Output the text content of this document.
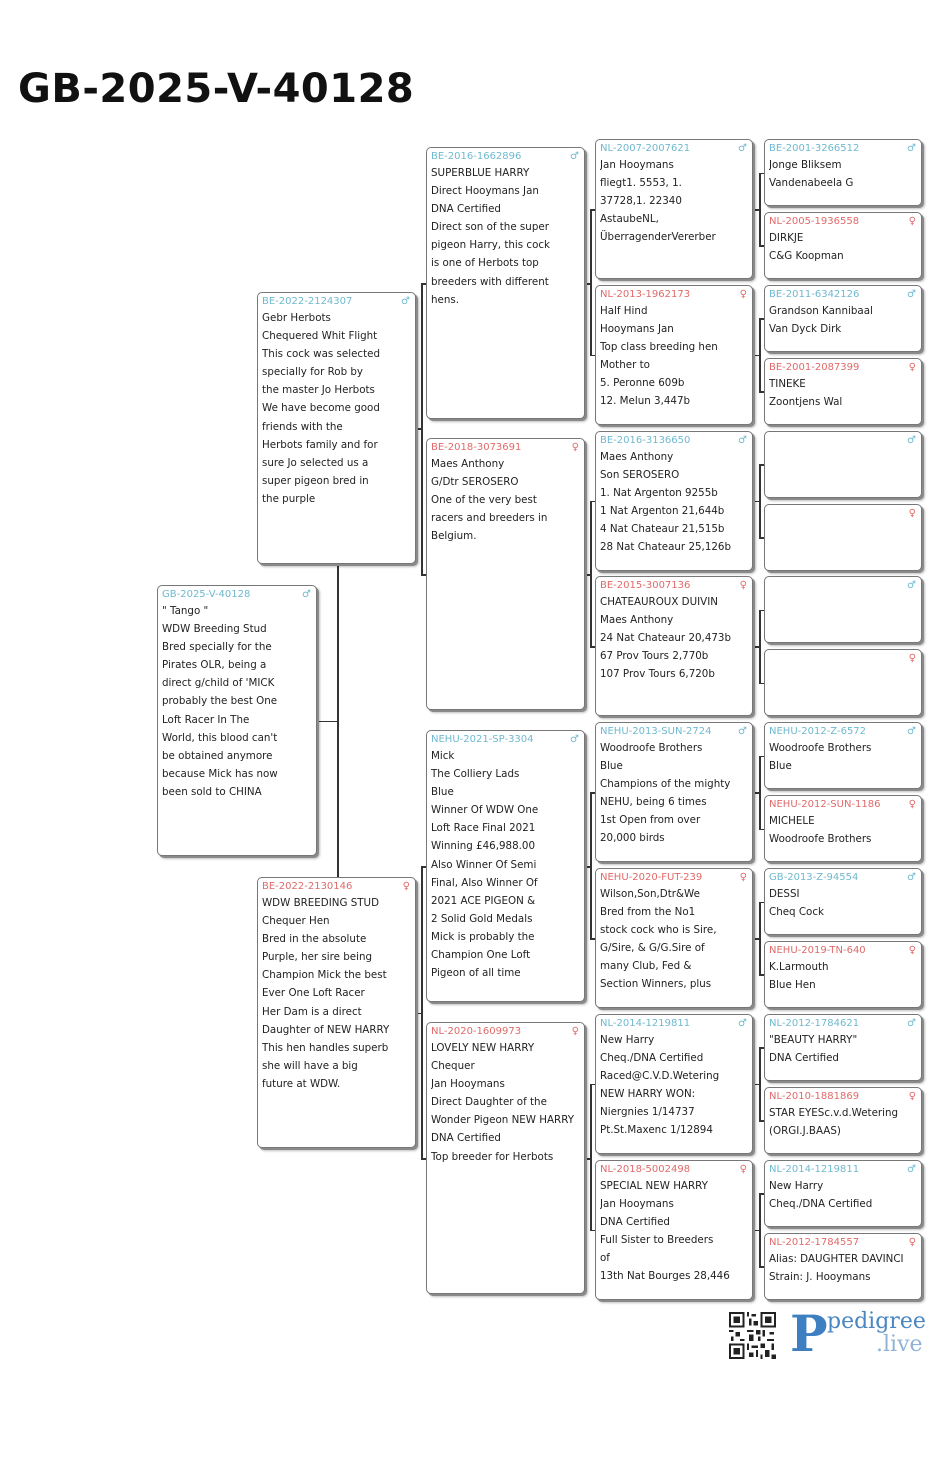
GB-2025-V-40128
GB-2025-V-40128	♂
" Tango "
WDW Breeding Stud
Bred specially for the
Pirates OLR, being a
direct g/child of 'MICK
probably the best One
Loft Racer In The
World, this blood can't
be obtained anymore
because Mick has now
been sold to CHINA
BE-2022-2124307	♂
Gebr Herbots
Chequered Whit Flight
This cock was selected
specially for Rob by
the master Jo Herbots
We have become good
friends with the
Herbots family and for
sure Jo selected us a
super pigeon bred in
the purple
BE-2022-2130146	♀
WDW BREEDING STUD
Chequer Hen
Bred in the absolute
Purple, her sire being
Champion Mick the best
Ever One Loft Racer
Her Dam is a direct
Daughter of NEW HARRY
This hen handles superb
she will have a big
future at WDW.
BE-2016-1662896	♂
SUPERBLUE HARRY
Direct Hooymans Jan
DNA Certified
Direct son of the super
pigeon Harry, this cock
is one of Herbots top
breeders with different
hens.
BE-2018-3073691	♀
Maes Anthony
G/Dtr SEROSERO
One of the very best
racers and breeders in
Belgium.
NEHU-2021-SP-3304	♂
Mick
The Colliery Lads
Blue
Winner Of WDW One
Loft Race Final 2021
Winning £46,988.00
Also Winner Of Semi
Final, Also Winner Of
2021 ACE PIGEON &
2 Solid Gold Medals
Mick is probably the
Champion One Loft
Pigeon of all time
NL-2020-1609973	♀
LOVELY NEW HARRY
Chequer
Jan Hooymans
Direct Daughter of the
Wonder Pigeon NEW HARRY
DNA Certified
Top breeder for Herbots
NL-2007-2007621	♂
Jan Hooymans
fliegt1. 5553, 1.
37728,1. 22340
AstaubeNL,
ÜberragenderVererber
NL-2013-1962173	♀
Half Hind
Hooymans Jan
Top class breeding hen
Mother to
5. Peronne 609b
12. Melun 3,447b
BE-2016-3136650	♂
Maes Anthony
Son SEROSERO
1. Nat Argenton 9255b
1 Nat Argenton 21,644b
4 Nat Chateaur 21,515b
28 Nat Chateaur 25,126b
BE-2015-3007136	♀
CHATEAUROUX DUIVIN
Maes Anthony
24 Nat Chateaur 20,473b
67 Prov Tours 2,770b
107 Prov Tours 6,720b
NEHU-2013-SUN-2724	♂
Woodroofe Brothers
Blue
Champions of the mighty
NEHU, being 6 times
1st Open from over
20,000 birds
NEHU-2020-FUT-239	♀
Wilson,Son,Dtr&We
Bred from the No1
stock cock who is Sire,
G/Sire, & G/G.Sire of
many Club, Fed &
Section Winners, plus
NL-2014-1219811	♂
New Harry
Cheq./DNA Certified
Raced@C.V.D.Wetering
NEW HARRY WON:
Niergnies 1/14737
Pt.St.Maxenc 1/12894
NL-2018-5002498	♀
SPECIAL NEW HARRY
Jan Hooymans
DNA Certified
Full Sister to Breeders
of
13th Nat Bourges 28,446
BE-2001-3266512	♂
Jonge Bliksem
Vandenabeela G
NL-2005-1936558	♀
DIRKJE
C&G Koopman
BE-2011-6342126	♂
Grandson Kannibaal
Van Dyck Dirk
BE-2001-2087399	♀
TINEKE
Zoontjens Wal

♂

♀

♂

♀
NEHU-2012-Z-6572	♂
Woodroofe Brothers
Blue
NEHU-2012-SUN-1186	♀
MICHELE
Woodroofe Brothers
GB-2013-Z-94554	♂
DESSI
Cheq Cock
NEHU-2019-TN-640	♀
K.Larmouth
Blue Hen
NL-2012-1784621	♂
"BEAUTY HARRY"
DNA Certified
NL-2010-1881869	♀
STAR EYESc.v.d.Wetering
(ORGI.J.BAAS)
NL-2014-1219811	♂
New Harry
Cheq./DNA Certified
NL-2012-1784557	♀
Alias: DAUGHTER DAVINCI
Strain: J. Hooymans
P pedigree
.live
